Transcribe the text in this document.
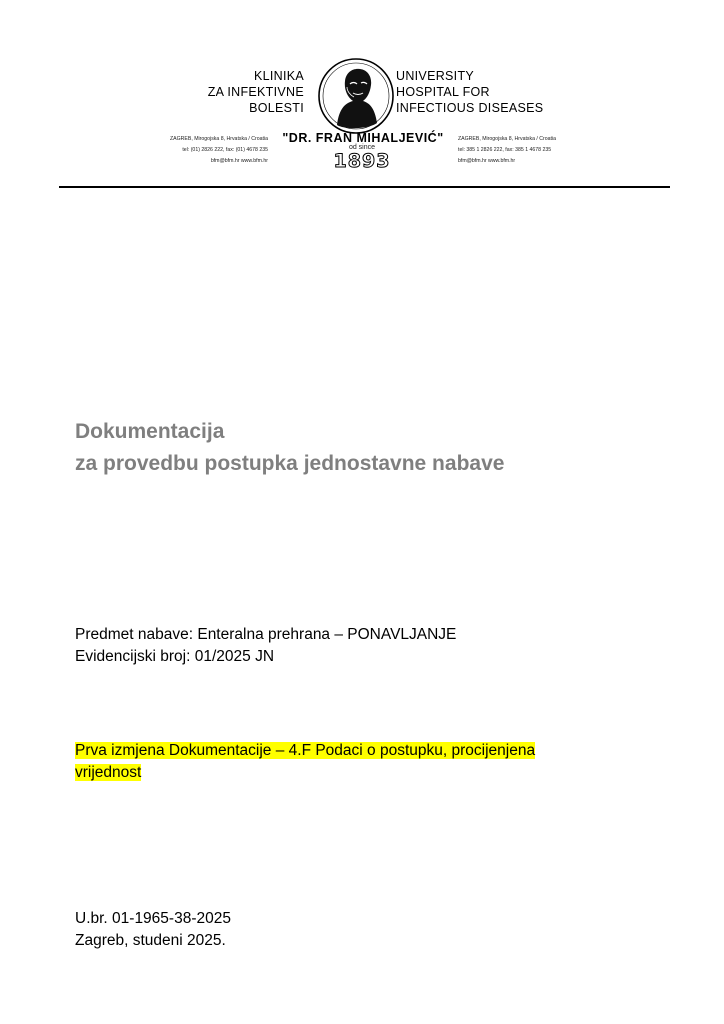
KLINIKA
ZA INFEKTIVNE
BOLESTI
UNIVERSITY
HOSPITAL FOR
INFECTIOUS DISEASES
"DR. FRAN MIHALJEVIĆ"
ZAGREB, Mirogojska 8, Hrvatska / Croatia
tel: (01) 2826 222, fax: (01) 4678 235
bfm@bfm.hr www.bfm.hr
od since
1893
ZAGREB, Mirogojska 8, Hrvatska / Croatia
tel: 385 1 2826 222, fax: 385 1 4678 235
bfm@bfm.hr www.bfm.hr
Dokumentacija
za provedbu postupka jednostavne nabave
Predmet nabave: Enteralna prehrana – PONAVLJANJE
Evidencijski broj: 01/2025 JN
Prva izmjena Dokumentacije – 4.F Podaci o postupku, procijenjena
vrijednost
U.br. 01-1965-38-2025
Zagreb, studeni 2025.
